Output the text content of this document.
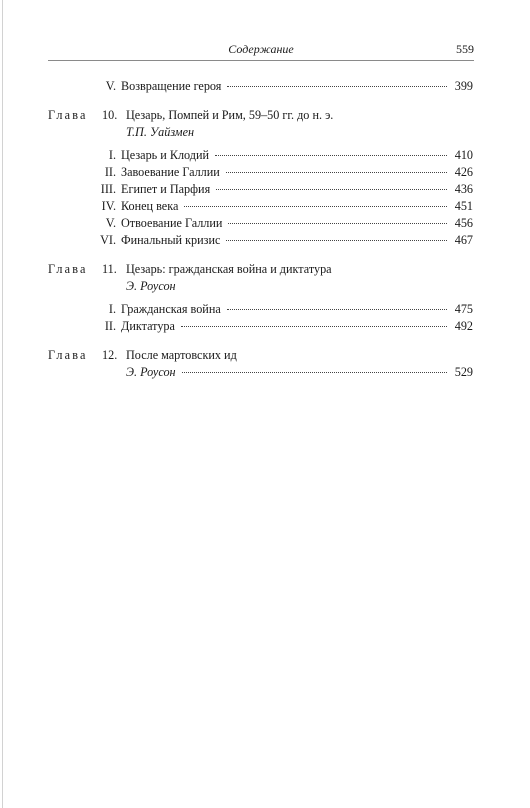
Содержание	559
V. Возвращение героя	399
Глава	10. Цезарь, Помпей и Рим, 59–50 гг. до н. э.
Т.П. Уайзмен
I. Цезарь и Клодий	410
II. Завоевание Галлии	426
III. Египет и Парфия	436
IV. Конец века	451
V. Отвоевание Галлии	456
VI. Финальный кризис	467
Глава	11. Цезарь: гражданская война и диктатура
Э. Роусон
I. Гражданская война	475
II. Диктатура	492
Глава	12. После мартовских ид
Э. Роусон	529
